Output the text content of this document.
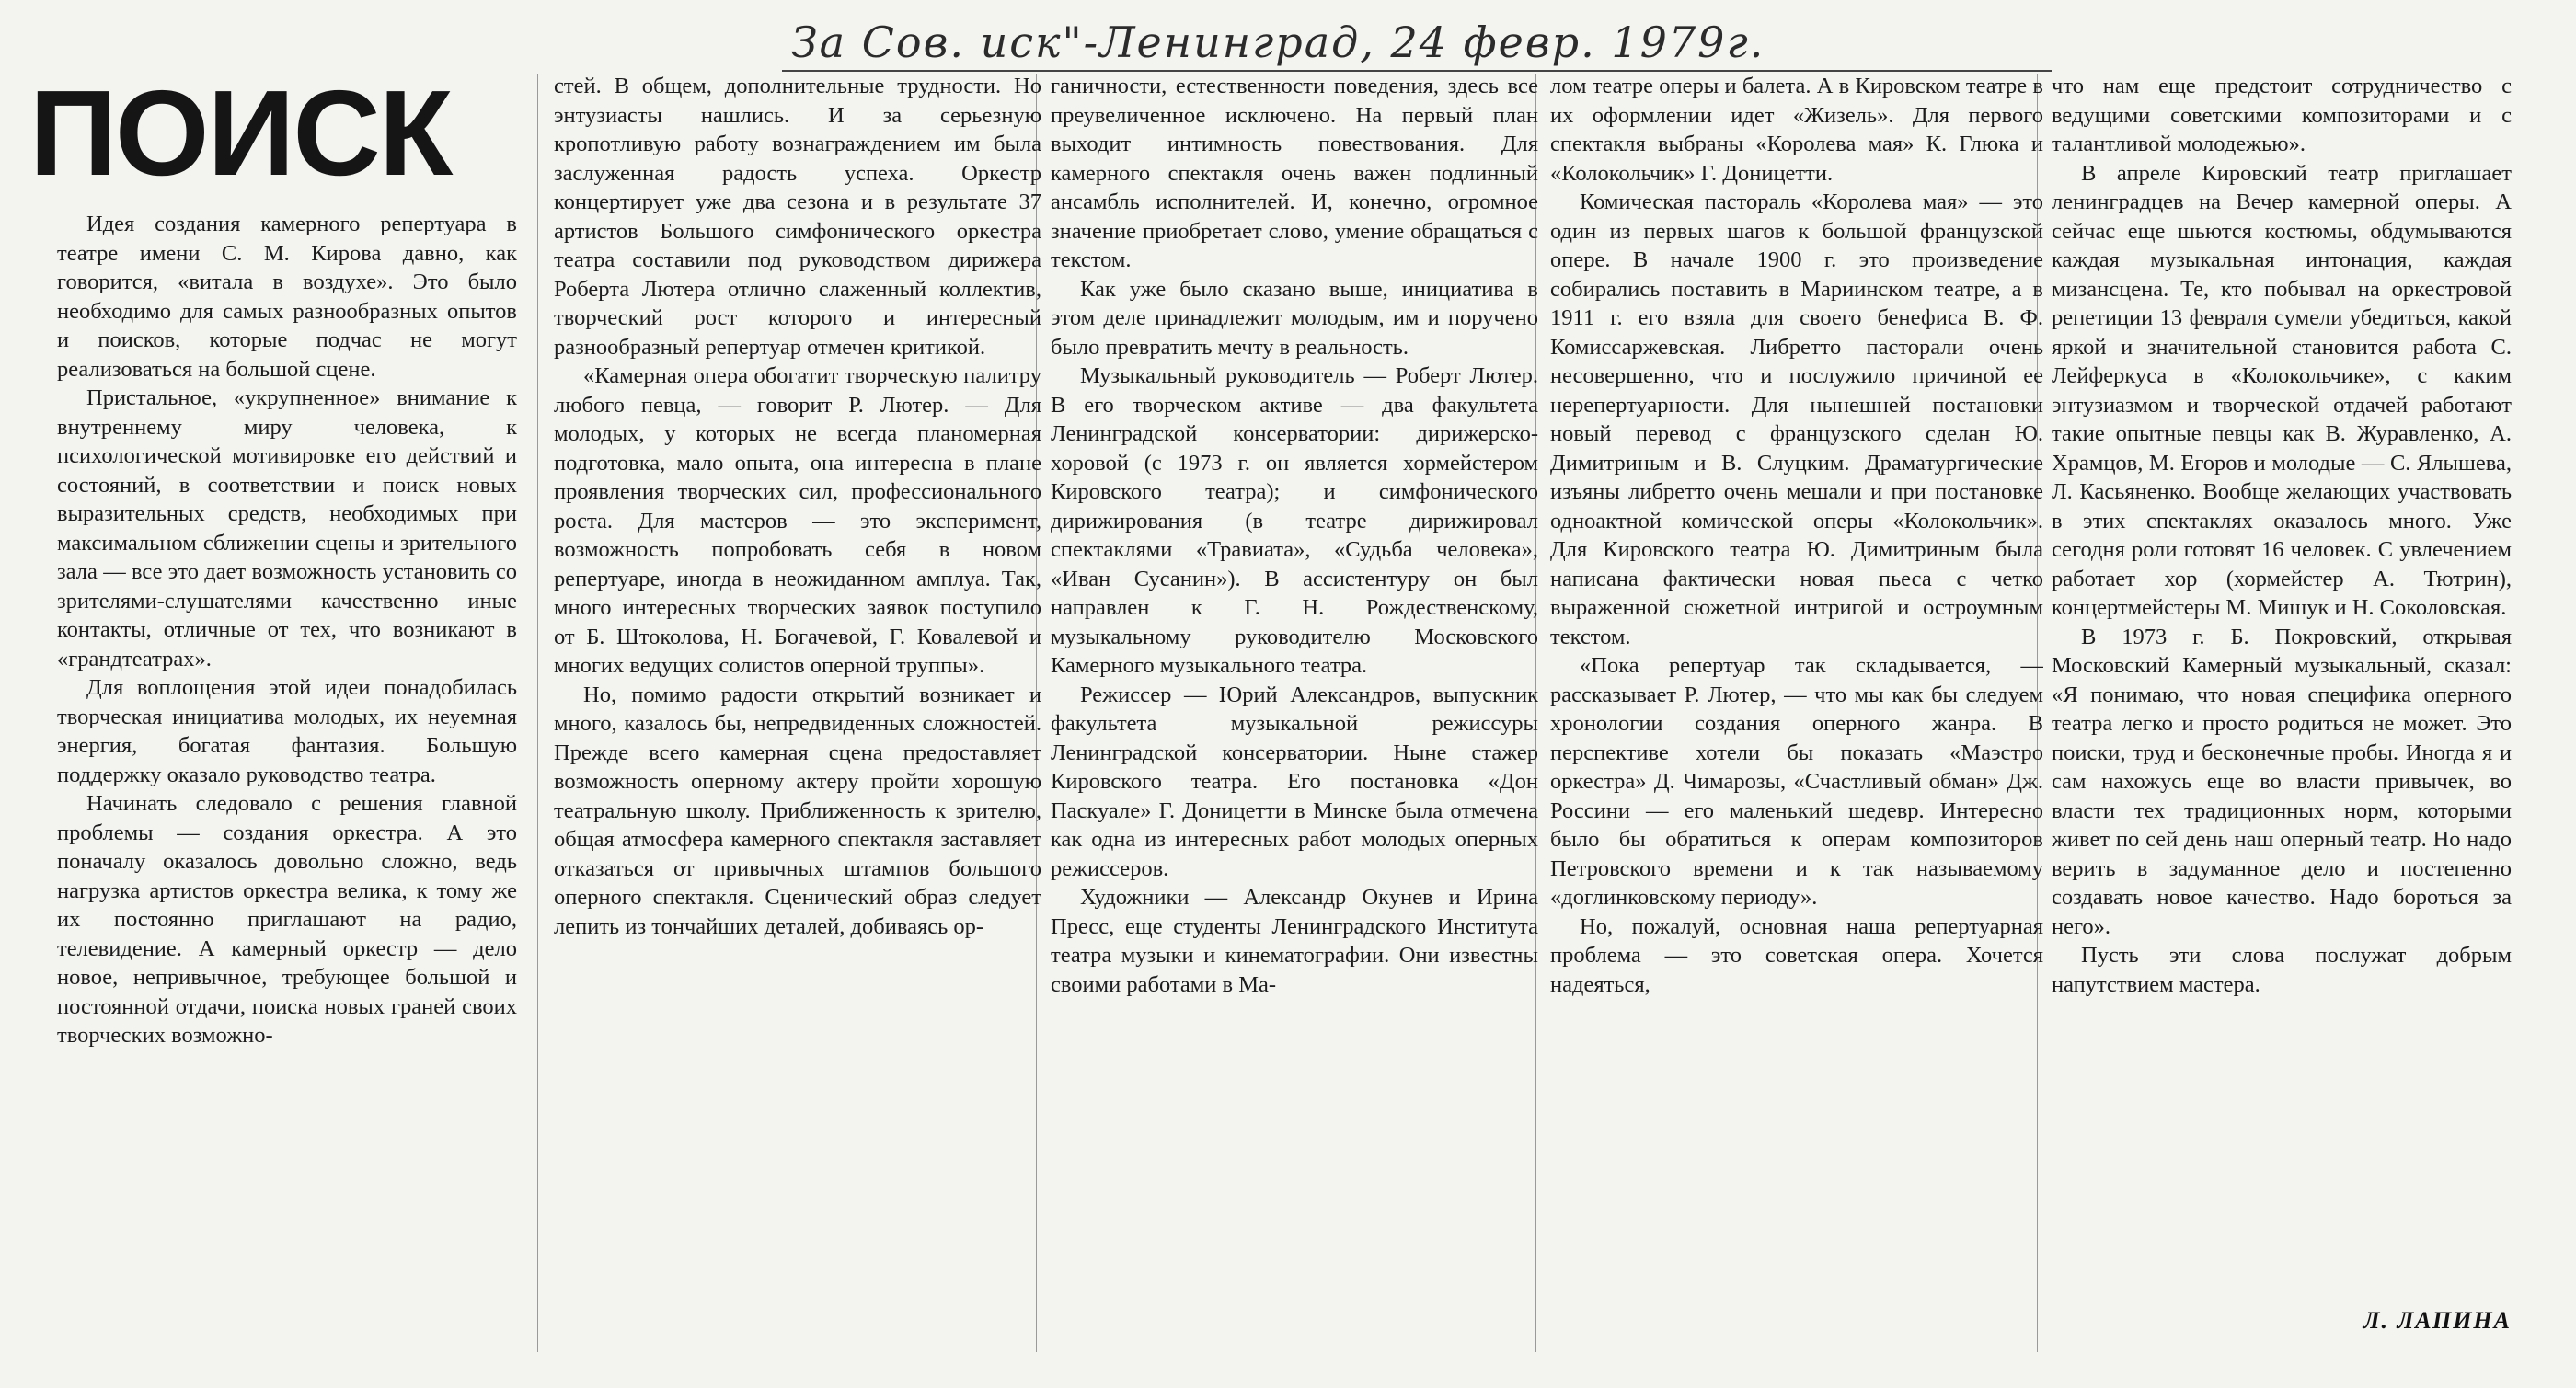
За Сов. иск"-Ленинград, 24 февр. 1979г.
ПОИСК

Идея создания камерного репертуара в театре имени С. М. Кирова давно, как говорится, «витала в воздухе». Это было необходимо для самых разнообразных опытов и поисков, которые подчас не могут реализоваться на большой сцене.

Пристальное, «укрупненное» внимание к внутреннему миру человека, к психологической мотивировке его действий и состояний, в соответствии и поиск новых выразительных средств, необходимых при максимальном сближении сцены и зрительного зала — все это дает возможность установить со зрителями-слушателями качественно иные контакты, отличные от тех, что возникают в «грандтеатрах».

Для воплощения этой идеи понадобилась творческая инициатива молодых, их неуемная энергия, богатая фантазия. Большую поддержку оказало руководство театра.

Начинать следовало с решения главной проблемы — создания оркестра. А это поначалу оказалось довольно сложно, ведь нагрузка артистов оркестра велика, к тому же их постоянно приглашают на радио, телевидение. А камерный оркестр — дело новое, непривычное, требующее большой и постоянной отдачи, поиска новых граней своих творческих возможно-

стей. В общем, дополнительные трудности. Но энтузиасты нашлись. И за серьезную кропотливую работу вознаграждением им была заслуженная радость успеха. Оркестр концертирует уже два сезона и в результате 37 артистов Большого симфонического оркестра театра составили под руководством дирижера Роберта Лютера отлично слаженный коллектив, творческий рост которого и интересный разнообразный репертуар отмечен критикой.

«Камерная опера обогатит творческую палитру любого певца, — говорит Р. Лютер. — Для молодых, у которых не всегда планомерная подготовка, мало опыта, она интересна в плане проявления творческих сил, профессионального роста. Для мастеров — это эксперимент, возможность попробовать себя в новом репертуаре, иногда в неожиданном амплуа. Так, много интересных творческих заявок поступило от Б. Штоколова, Н. Богачевой, Г. Ковалевой и многих ведущих солистов оперной труппы».

Но, помимо радости открытий возникает и много, казалось бы, непредвиденных сложностей. Прежде всего камерная сцена предоставляет возможность оперному актеру пройти хорошую театральную школу. Приближенность к зрителю, общая атмосфера камерного спектакля заставляет отказаться от привычных штампов большого оперного спектакля. Сценический образ следует лепить из тончайших деталей, добиваясь ор-

ганичности, естественности поведения, здесь все преувеличенное исключено. На первый план выходит интимность повествования. Для камерного спектакля очень важен подлинный ансамбль исполнителей. И, конечно, огромное значение приобретает слово, умение обращаться с текстом.

Как уже было сказано выше, инициатива в этом деле принадлежит молодым, им и поручено было превратить мечту в реальность.

Музыкальный руководитель — Роберт Лютер. В его творческом активе — два факультета Ленинградской консерватории: дирижерско-хоровой (с 1973 г. он является хормейстером Кировского театра); и симфонического дирижирования (в театре дирижировал спектаклями «Травиата», «Судьба человека», «Иван Сусанин»). В ассистентуру он был направлен к Г. Н. Рождественскому, музыкальному руководителю Московского Камерного музыкального театра.

Режиссер — Юрий Александров, выпускник факультета музыкальной режиссуры Ленинградской консерватории. Ныне стажер Кировского театра. Его постановка «Дон Паскуале» Г. Доницетти в Минске была отмечена как одна из интересных работ молодых оперных режиссеров.

Художники — Александр Окунев и Ирина Пресс, еще студенты Ленинградского Института театра музыки и кинематографии. Они известны своими работами в Ма-

лом театре оперы и балета. А в Кировском театре в их оформлении идет «Жизель». Для первого спектакля выбраны «Королева мая» К. Глюка и «Колокольчик» Г. Доницетти.

Комическая пастораль «Королева мая» — это один из первых шагов к большой французской опере. В начале 1900 г. это произведение собирались поставить в Мариинском театре, а в 1911 г. его взяла для своего бенефиса В. Ф. Комиссаржевская. Либретто пасторали очень несовершенно, что и послужило причиной ее нерепертуарности. Для нынешней постановки новый перевод с французского сделан Ю. Димитриным и В. Слуцким. Драматургические изъяны либретто очень мешали и при постановке одноактной комической оперы «Колокольчик». Для Кировского театра Ю. Димитриным была написана фактически новая пьеса с четко выраженной сюжетной интригой и остроумным текстом.

«Пока репертуар так складывается, — рассказывает Р. Лютер, — что мы как бы следуем хронологии создания оперного жанра. В перспективе хотели бы показать «Маэстро оркестра» Д. Чимарозы, «Счастливый обман» Дж. Россини — его маленький шедевр. Интересно было бы обратиться к операм композиторов Петровского времени и к так называемому «доглинковскому периоду».

Но, пожалуй, основная наша репертуарная проблема — это советская опера. Хочется надеяться,

что нам еще предстоит сотрудничество с ведущими советскими композиторами и с талантливой молодежью».

В апреле Кировский театр приглашает ленинградцев на Вечер камерной оперы. А сейчас еще шьются костюмы, обдумываются каждая музыкальная интонация, каждая мизансцена. Те, кто побывал на оркестровой репетиции 13 февраля сумели убедиться, какой яркой и значительной становится работа С. Лейферкуса в «Колокольчике», с каким энтузиазмом и творческой отдачей работают такие опытные певцы как В. Журавленко, А. Храмцов, М. Егоров и молодые — С. Ялышева, Л. Касьяненко. Вообще желающих участвовать в этих спектаклях оказалось много. Уже сегодня роли готовят 16 человек. С увлечением работает хор (хормейстер А. Тютрин), концертмейстеры М. Мишук и Н. Соколовская.

В 1973 г. Б. Покровский, открывая Московский Камерный музыкальный, сказал: «Я понимаю, что новая специфика оперного театра легко и просто родиться не может. Это поиски, труд и бесконечные пробы. Иногда я и сам нахожусь еще во власти привычек, во власти тех традиционных норм, которыми живет по сей день наш оперный театр. Но надо верить в задуманное дело и постепенно создавать новое качество. Надо бороться за него».

Пусть эти слова послужат добрым напутствием мастера.

Л. ЛАПИНА
